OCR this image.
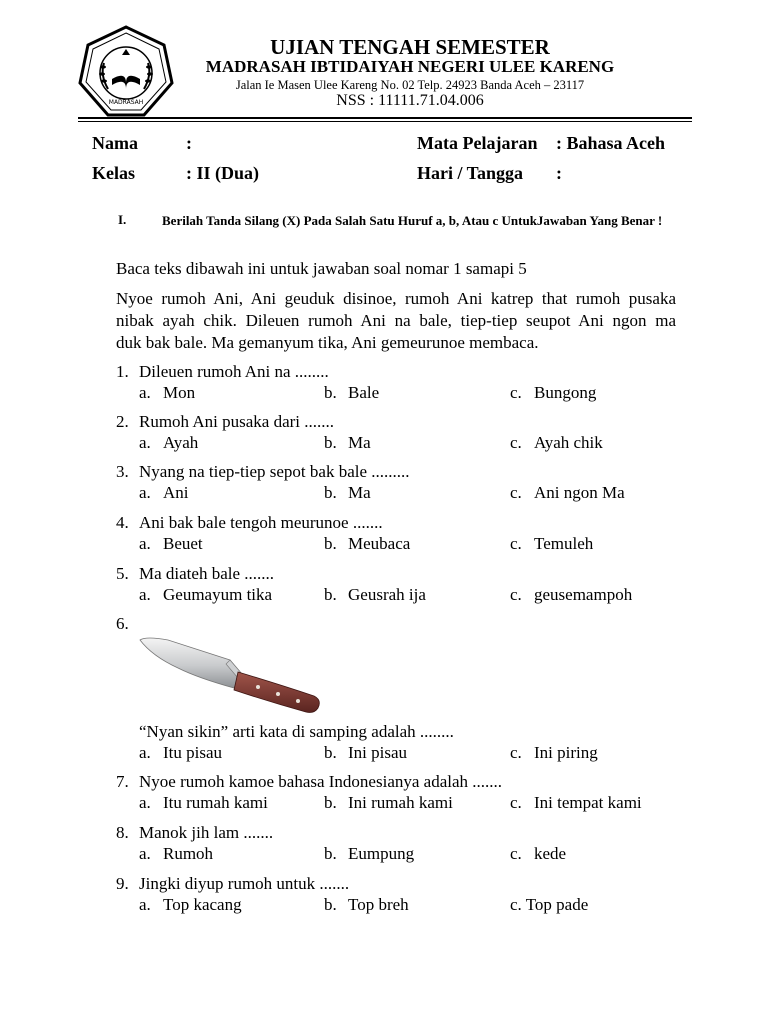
MADRASAH
UJIAN TENGAH SEMESTER
MADRASAH IBTIDAIYAH NEGERI ULEE KARENG
Jalan Ie Masen Ulee Kareng No. 02 Telp. 24923 Banda Aceh – 23117
NSS : 11111.71.04.006
Nama	:	Mata Pelajaran : Bahasa Aceh
Kelas	: II (Dua)	Hari / Tangga :
I.	Berilah Tanda Silang (X) Pada Salah Satu Huruf a, b, Atau c UntukJawaban Yang Benar !
Baca teks dibawah ini untuk jawaban soal nomar 1 samapi 5
Nyoe rumoh Ani, Ani geuduk disinoe, rumoh Ani katrep that rumoh pusaka
nibak ayah chik. Dileuen rumoh Ani na bale, tiep-tiep seupot Ani ngon ma
duk bak bale. Ma gemanyum tika, Ani gemeurunoe membaca.
1. Dileuen rumoh Ani na ........
a. Mon	b. Bale	c. Bungong
2. Rumoh Ani pusaka dari .......
a. Ayah	b. Ma	c. Ayah chik
3. Nyang na tiep-tiep sepot bak bale .........
a. Ani	b. Ma	c. Ani ngon Ma
4. Ani bak bale tengoh meurunoe .......
a. Beuet	b. Meubaca	c. Temuleh
5. Ma diateh bale .......
a. Geumayum tika	b. Geusrah ija	c. geusemampoh
6.
“Nyan sikin” arti kata di samping adalah ........
a. Itu pisau	b. Ini pisau	c. Ini piring
7. Nyoe rumoh kamoe bahasa Indonesianya adalah .......
a. Itu rumah kami	b. Ini rumah kami	c. Ini tempat kami
8. Manok jih lam .......
a. Rumoh	b. Eumpung	c. kede
9. Jingki diyup rumoh untuk .......
a. Top kacang	b. Top breh	c. Top pade
